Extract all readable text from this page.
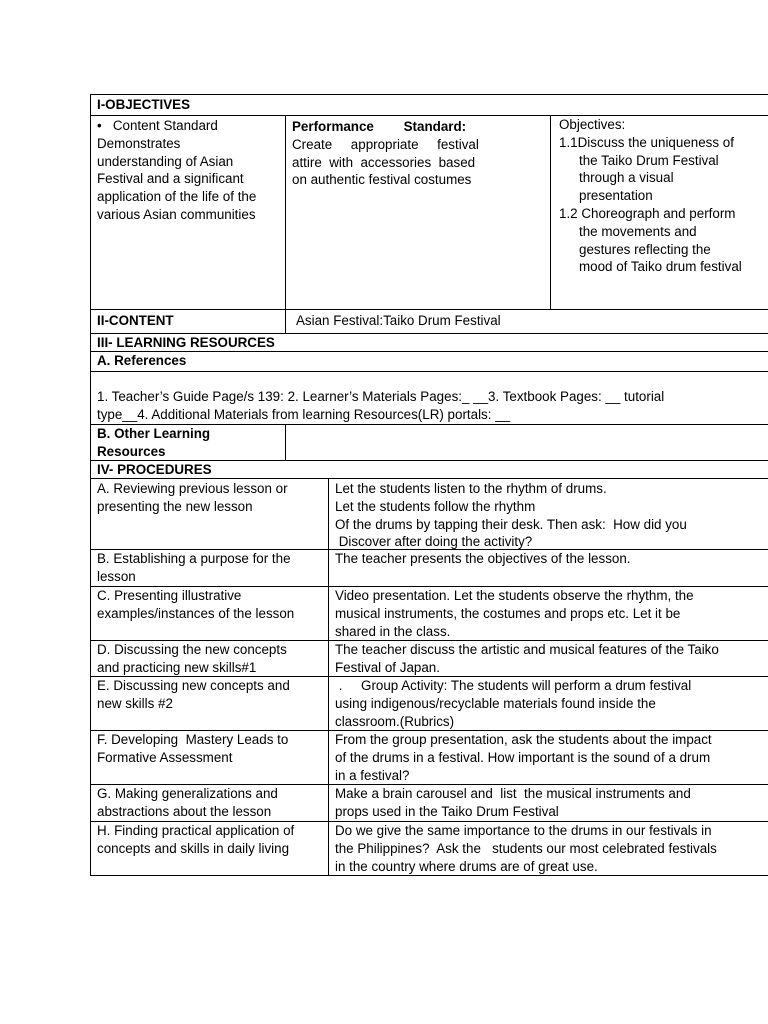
I-OBJECTIVES
•   Content Standard
Demonstrates
understanding of Asian
Festival and a significant
application of the life of the
various Asian communities
Performance        Standard:
Create     appropriate     festival
attire  with  accessories  based
on authentic festival costumes
Objectives:
1.1Discuss the uniqueness of
the Taiko Drum Festival
through a visual
presentation
1.2 Choreograph and perform
the movements and
gestures reflecting the
mood of Taiko drum festival
II-CONTENT	Asian Festival:Taiko Drum Festival
III- LEARNING RESOURCES
A. References
1. Teacher’s Guide Page/s 139: 2. Learner’s Materials Pages:_ __3. Textbook Pages: __ tutorial
type__4. Additional Materials from learning Resources(LR) portals: __
B. Other Learning
Resources
IV- PROCEDURES
A. Reviewing previous lesson or
presenting the new lesson
Let the students listen to the rhythm of drums.
Let the students follow the rhythm
Of the drums by tapping their desk. Then ask:  How did you
Discover after doing the activity?
B. Establishing a purpose for the
lesson
The teacher presents the objectives of the lesson.
C. Presenting illustrative
examples/instances of the lesson
Video presentation. Let the students observe the rhythm, the
musical instruments, the costumes and props etc. Let it be
shared in the class.
D. Discussing the new concepts
and practicing new skills#1
The teacher discuss the artistic and musical features of the Taiko
Festival of Japan.
E. Discussing new concepts and
new skills #2
.     Group Activity: The students will perform a drum festival
using indigenous/recyclable materials found inside the
classroom.(Rubrics)
F. Developing  Mastery Leads to
Formative Assessment
From the group presentation, ask the students about the impact
of the drums in a festival. How important is the sound of a drum
in a festival?
G. Making generalizations and
abstractions about the lesson
Make a brain carousel and  list  the musical instruments and
props used in the Taiko Drum Festival
H. Finding practical application of
concepts and skills in daily living
Do we give the same importance to the drums in our festivals in
the Philippines?  Ask the   students our most celebrated festivals
in the country where drums are of great use.
